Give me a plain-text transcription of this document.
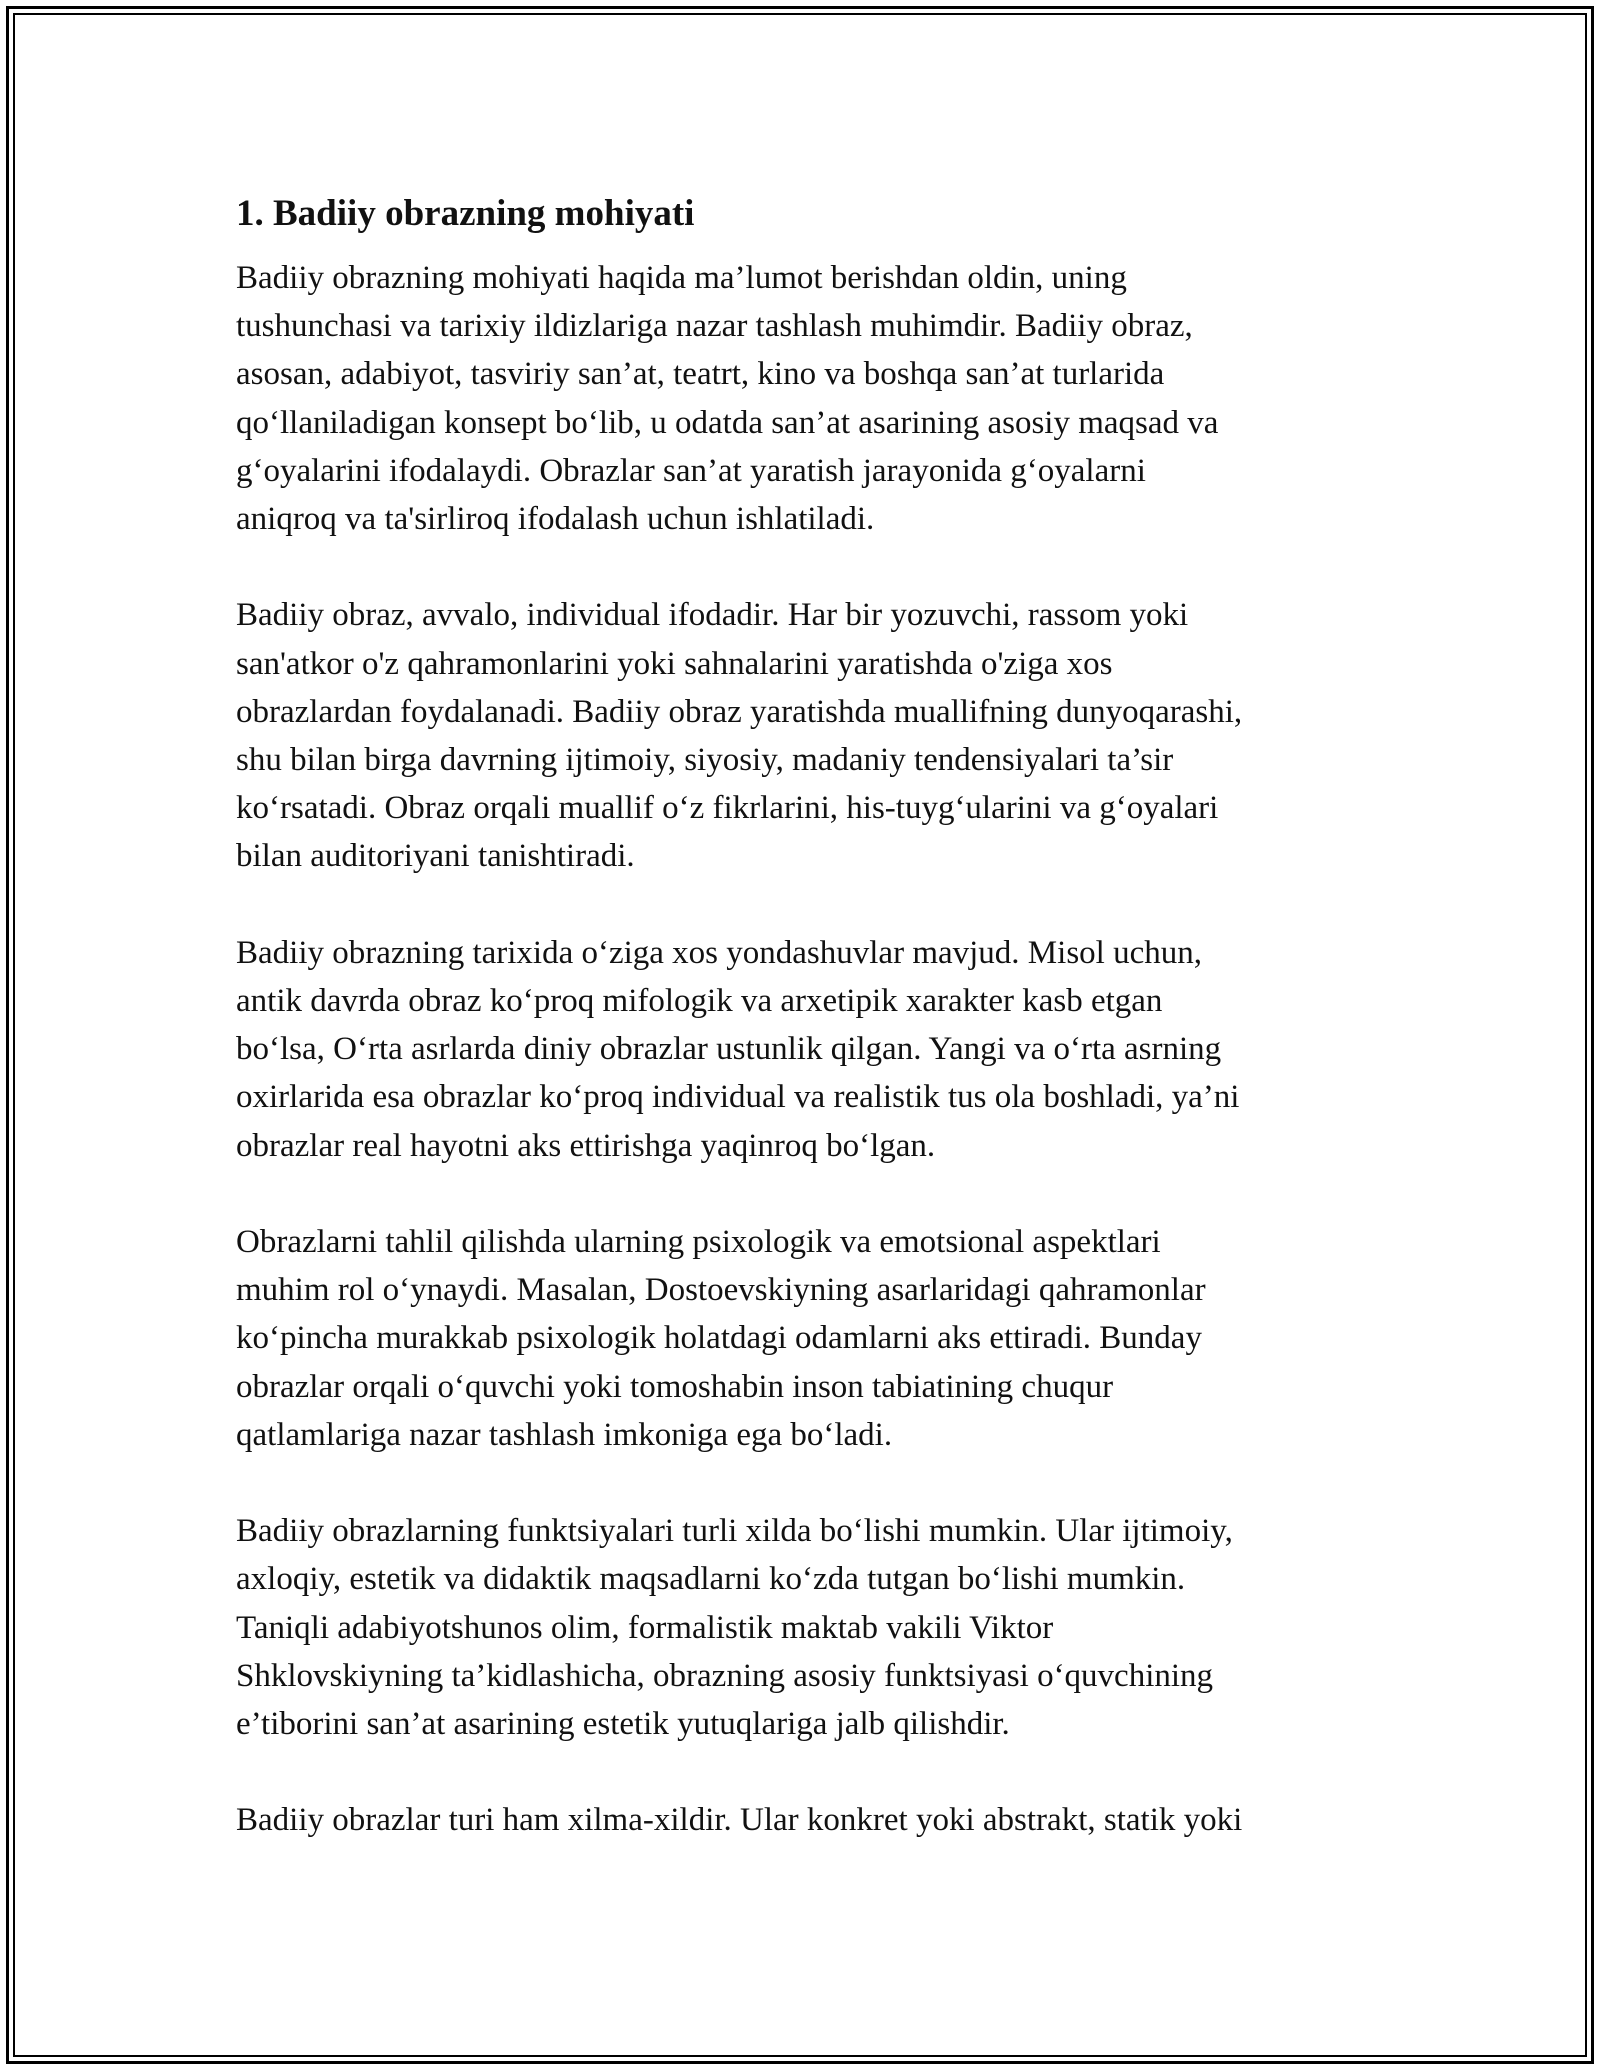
1. Badiiy obrazning mohiyati

Badiiy obrazning mohiyati haqida ma’lumot berishdan oldin, uning
tushunchasi va tarixiy ildizlariga nazar tashlash muhimdir. Badiiy obraz,
asosan, adabiyot, tasviriy san’at, teatrt, kino va boshqa san’at turlarida
qo‘llaniladigan konsept bo‘lib, u odatda san’at asarining asosiy maqsad va
g‘oyalarini ifodalaydi. Obrazlar san’at yaratish jarayonida g‘oyalarni
aniqroq va ta'sirliroq ifodalash uchun ishlatiladi.

Badiiy obraz, avvalo, individual ifodadir. Har bir yozuvchi, rassom yoki
san'atkor o'z qahramonlarini yoki sahnalarini yaratishda o'ziga xos
obrazlardan foydalanadi. Badiiy obraz yaratishda muallifning dunyoqarashi,
shu bilan birga davrning ijtimoiy, siyosiy, madaniy tendensiyalari ta’sir
ko‘rsatadi. Obraz orqali muallif o‘z fikrlarini, his-tuyg‘ularini va g‘oyalari
bilan auditoriyani tanishtiradi.

Badiiy obrazning tarixida o‘ziga xos yondashuvlar mavjud. Misol uchun,
antik davrda obraz ko‘proq mifologik va arxetipik xarakter kasb etgan
bo‘lsa, O‘rta asrlarda diniy obrazlar ustunlik qilgan. Yangi va o‘rta asrning
oxirlarida esa obrazlar ko‘proq individual va realistik tus ola boshladi, ya’ni
obrazlar real hayotni aks ettirishga yaqinroq bo‘lgan.

Obrazlarni tahlil qilishda ularning psixologik va emotsional aspektlari
muhim rol o‘ynaydi. Masalan, Dostoevskiyning asarlaridagi qahramonlar
ko‘pincha murakkab psixologik holatdagi odamlarni aks ettiradi. Bunday
obrazlar orqali o‘quvchi yoki tomoshabin inson tabiatining chuqur
qatlamlariga nazar tashlash imkoniga ega bo‘ladi.

Badiiy obrazlarning funktsiyalari turli xilda bo‘lishi mumkin. Ular ijtimoiy,
axloqiy, estetik va didaktik maqsadlarni ko‘zda tutgan bo‘lishi mumkin.
Taniqli adabiyotshunos olim, formalistik maktab vakili Viktor
Shklovskiyning ta’kidlashicha, obrazning asosiy funktsiyasi o‘quvchining
e’tiborini san’at asarining estetik yutuqlariga jalb qilishdir.

Badiiy obrazlar turi ham xilma-xildir. Ular konkret yoki abstrakt, statik yoki
